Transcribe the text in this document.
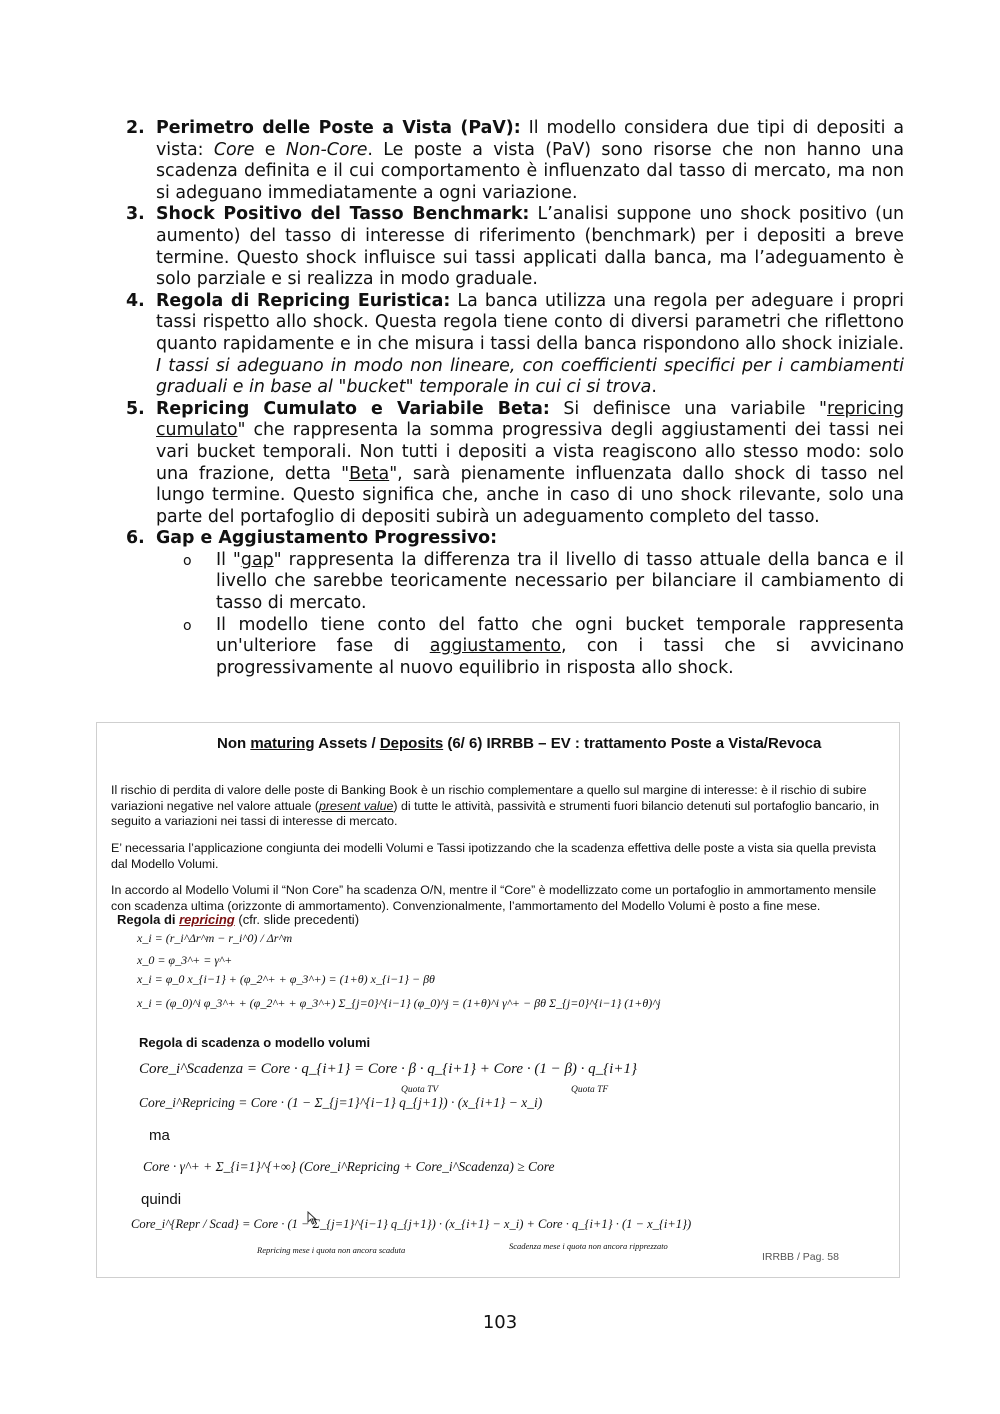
2. Perimetro delle Poste a Vista (PaV): Il modello considera due tipi di depositi a vista: Core e Non-Core. Le poste a vista (PaV) sono risorse che non hanno una scadenza definita e il cui comportamento è influenzato dal tasso di mercato, ma non si adeguano immediatamente a ogni variazione.

3. Shock Positivo del Tasso Benchmark: L’analisi suppone uno shock positivo (un aumento) del tasso di interesse di riferimento (benchmark) per i depositi a breve termine. Questo shock influisce sui tassi applicati dalla banca, ma l’adeguamento è solo parziale e si realizza in modo graduale.

4. Regola di Repricing Euristica: La banca utilizza una regola per adeguare i propri tassi rispetto allo shock. Questa regola tiene conto di diversi parametri che riflettono quanto rapidamente e in che misura i tassi della banca rispondono allo shock iniziale. I tassi si adeguano in modo non lineare, con coefficienti specifici per i cambiamenti graduali e in base al "bucket" temporale in cui ci si trova.

5. Repricing Cumulato e Variabile Beta: Si definisce una variabile "repricing cumulato" che rappresenta la somma progressiva degli aggiustamenti dei tassi nei vari bucket temporali. Non tutti i depositi a vista reagiscono allo stesso modo: solo una frazione, detta "Beta", sarà pienamente influenzata dallo shock di tasso nel lungo termine. Questo significa che, anche in caso di uno shock rilevante, solo una parte del portafoglio di depositi subirà un adeguamento completo del tasso.

6. Gap e Aggiustamento Progressivo:

o Il "gap" rappresenta la differenza tra il livello di tasso attuale della banca e il livello che sarebbe teoricamente necessario per bilanciare il cambiamento di tasso di mercato.

o Il modello tiene conto del fatto che ogni bucket temporale rappresenta un'ulteriore fase di aggiustamento, con i tassi che si avvicinano progressivamente al nuovo equilibrio in risposta allo shock.

Non maturing Assets / Deposits (6/ 6) IRRBB – EV : trattamento Poste a Vista/Revoca
Il rischio di perdita di valore delle poste di Banking Book è un rischio complementare a quello sul margine di interesse: è il rischio di subire variazioni negative nel valore attuale (present value) di tutte le attività, passività e strumenti fuori bilancio detenuti sul portafoglio bancario, in seguito a variazioni nei tassi di interesse di mercato.
E’ necessaria l’applicazione congiunta dei modelli Volumi e Tassi ipotizzando che la scadenza effettiva delle poste a vista sia quella prevista dal Modello Volumi.
In accordo al Modello Volumi il “Non Core” ha scadenza O/N, mentre il “Core” è modellizzato come un portafoglio in ammortamento mensile con scadenza ultima (orizzonte di ammortamento). Convenzionalmente, l’ammortamento del Modello Volumi è posto a fine mese.
Regola di repricing (cfr. slide precedenti)
x_i = (r_i^Δr^m − r_i^0) / Δr^m
x_0 = φ_3^+ = γ^+
x_i = φ_0 x_{i−1} + (φ_2^+ + φ_3^+) = (1+θ) x_{i−1} − βθ
x_i = (φ_0)^i φ_3^+ + (φ_2^+ + φ_3^+) Σ_{j=0}^{i−1} (φ_0)^j = (1+θ)^i γ^+ − βθ Σ_{j=0}^{i−1} (1+θ)^j
Regola di scadenza o modello volumi
Core_i^Scadenza = Core · q_{i+1} = Core · β · q_{i+1} + Core · (1 − β) · q_{i+1}
Quota TV	Quota TF
Core_i^Repricing = Core · (1 − Σ_{j=1}^{i−1} q_{j+1}) · (x_{i+1} − x_i)
ma
Core · γ^+ + Σ_{i=1}^{+∞} (Core_i^Repricing + Core_i^Scadenza) ≥ Core
quindi
Core_i^{Repr / Scad} = Core · (1 − Σ_{j=1}^{i−1} q_{j+1}) · (x_{i+1} − x_i) + Core · q_{i+1} · (1 − x_{i+1})
Repricing mese i quota non ancora scaduta	Scadenza mese i quota non ancora ripprezzato
IRRBB / Pag. 58
103
